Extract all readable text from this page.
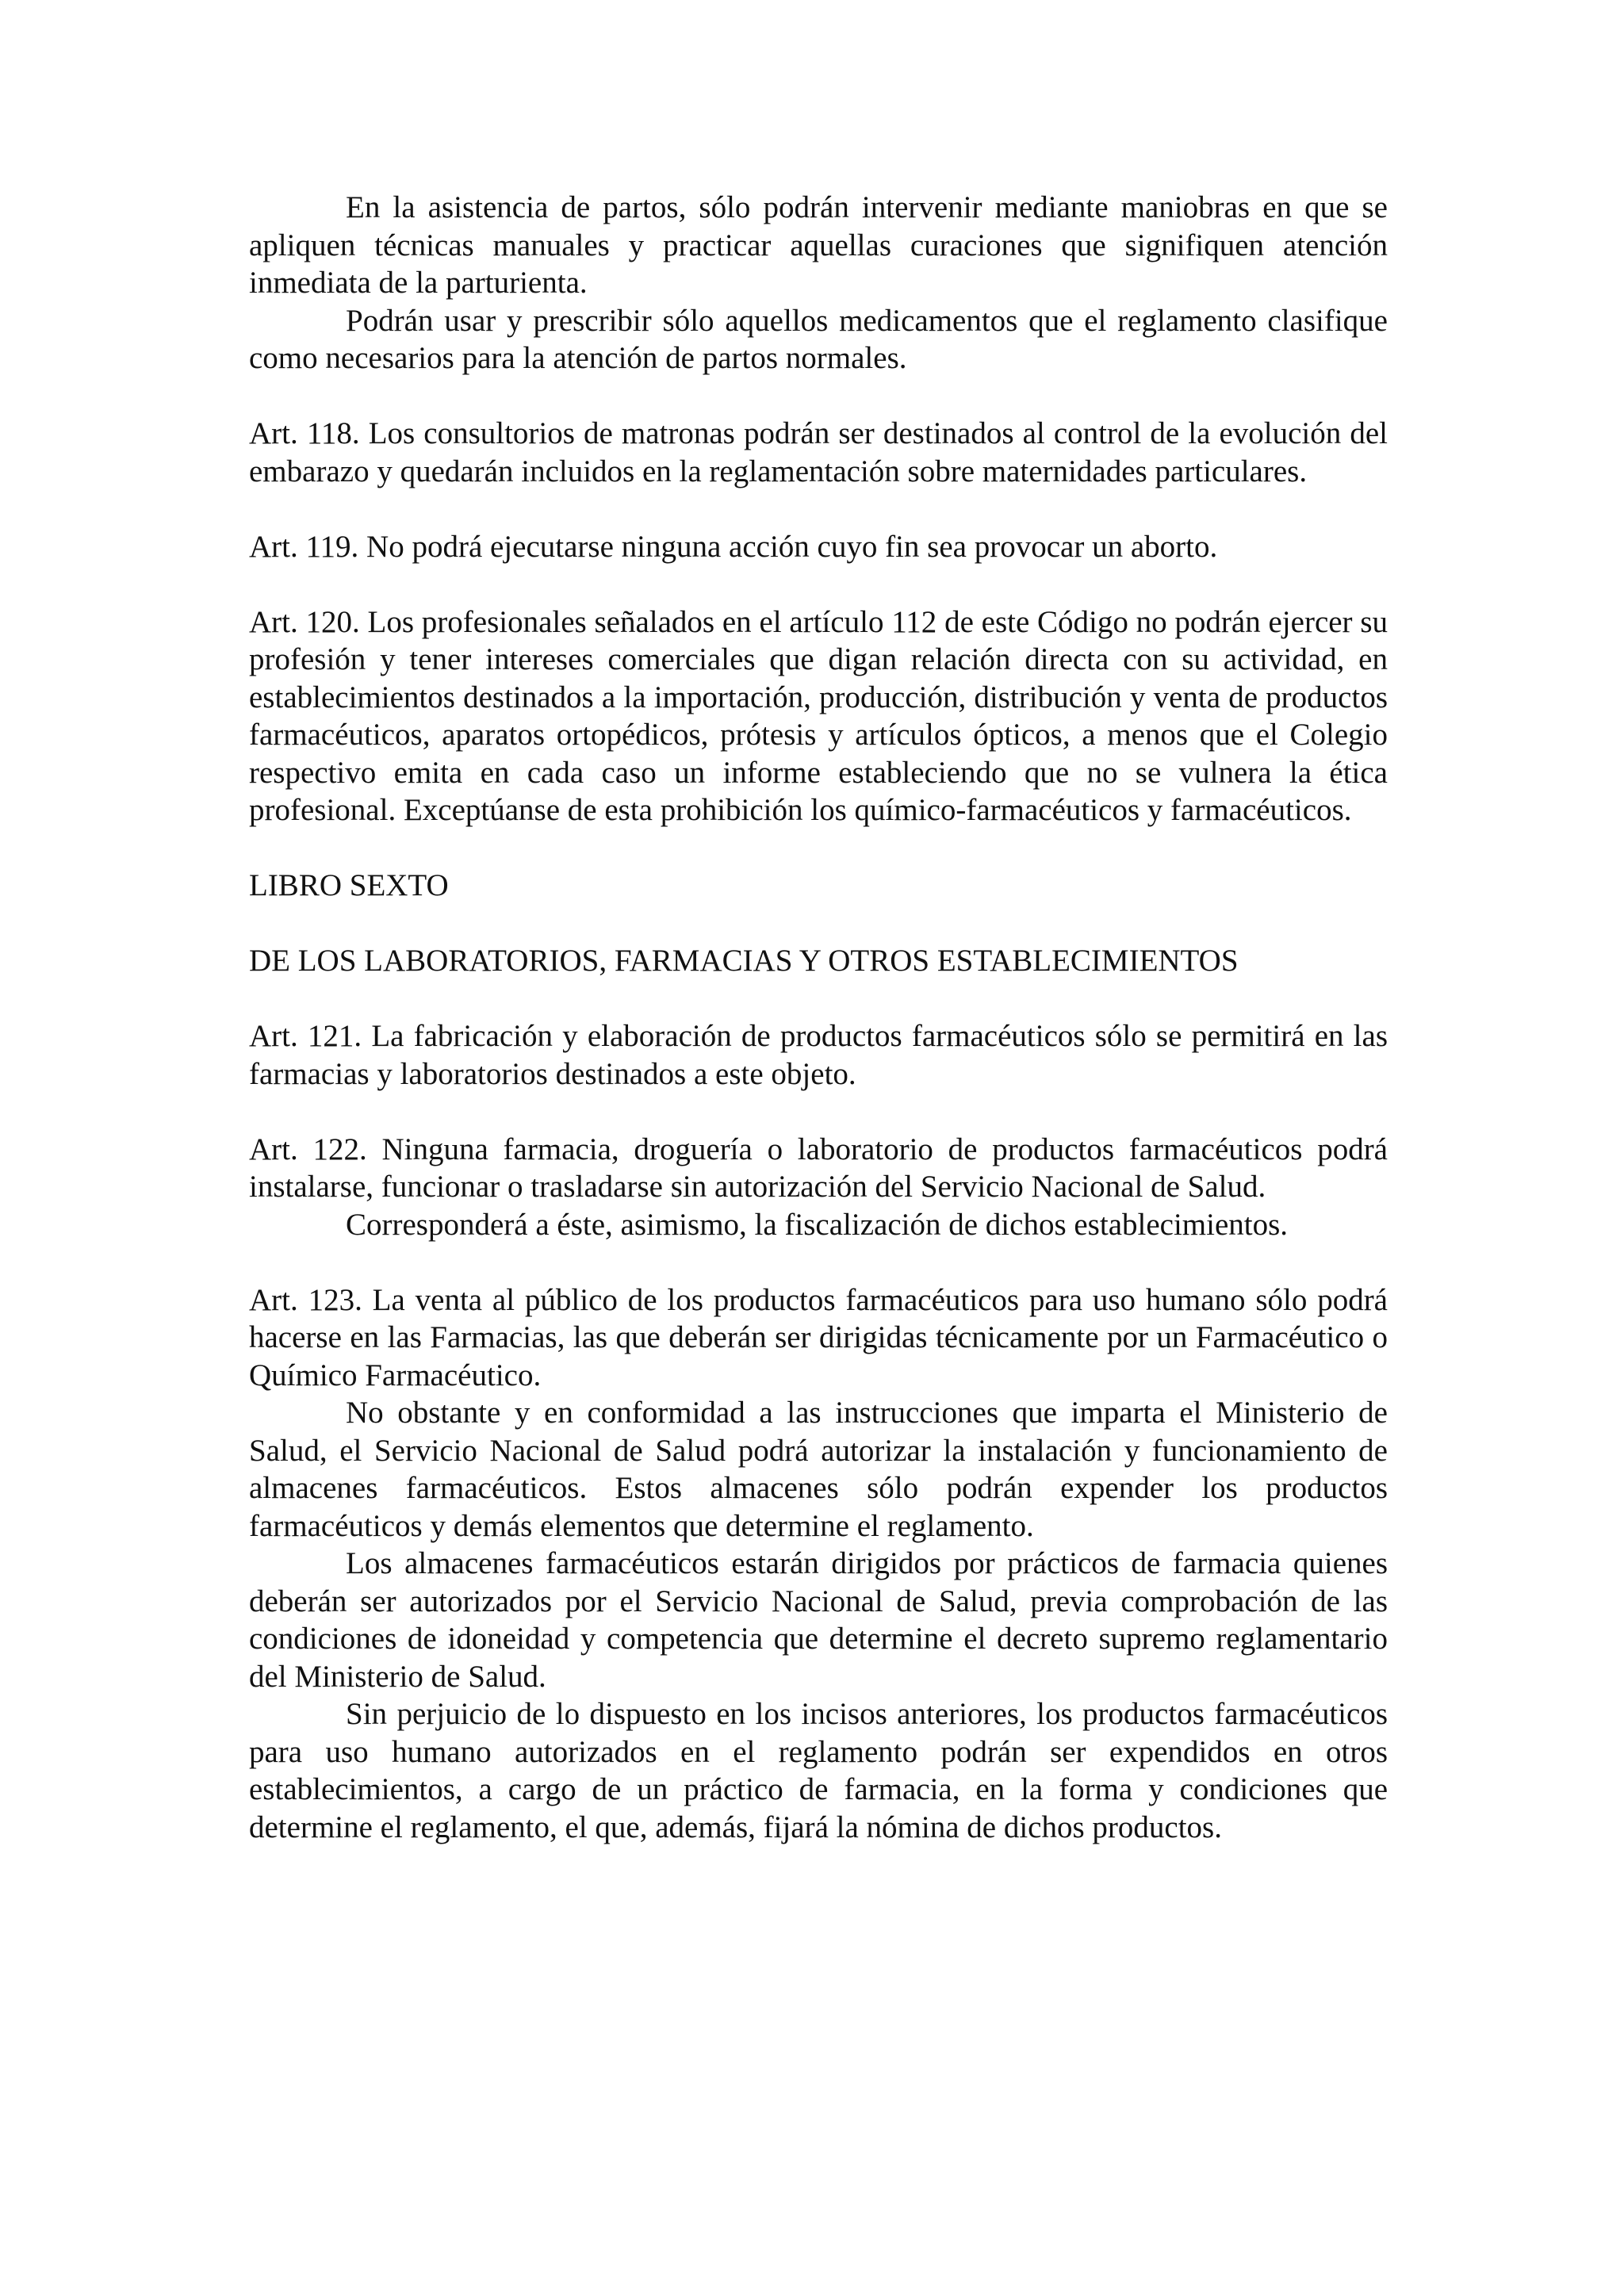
En la asistencia de partos, sólo podrán intervenir mediante maniobras en que se apliquen técnicas manuales y practicar aquellas curaciones que signifiquen atención inmediata de la parturienta.

Podrán usar y prescribir sólo aquellos medicamentos que el reglamento clasifique como necesarios para la atención de partos normales.

Art. 118. Los consultorios de matronas podrán ser destinados al control de la evolución del embarazo y quedarán incluidos en la reglamentación sobre maternidades particulares.

Art. 119. No podrá ejecutarse ninguna acción cuyo fin sea provocar un aborto.

Art. 120. Los profesionales señalados en el artículo 112 de este Código no podrán ejercer su profesión y tener intereses comerciales que digan relación directa con su actividad, en establecimientos destinados a la importación, producción, distribución y venta de productos farmacéuticos, aparatos ortopédicos, prótesis y artículos ópticos, a menos que el Colegio respectivo emita en cada caso un informe estableciendo que no se vulnera la ética profesional. Exceptúanse de esta prohibición los químico-farmacéuticos y farmacéuticos.

LIBRO SEXTO

DE LOS LABORATORIOS, FARMACIAS Y OTROS ESTABLECIMIENTOS

Art. 121. La fabricación y elaboración de productos farmacéuticos sólo se permitirá en las farmacias y laboratorios destinados a este objeto.

Art. 122. Ninguna farmacia, droguería o laboratorio de productos farmacéuticos podrá instalarse, funcionar o trasladarse sin autorización del Servicio Nacional de Salud.

Corresponderá a éste, asimismo, la fiscalización de dichos establecimientos.

Art. 123. La venta al público de los productos farmacéuticos para uso humano sólo podrá hacerse en las Farmacias, las que deberán ser dirigidas técnicamente por un Farmacéutico o Químico Farmacéutico.

No obstante y en conformidad a las instrucciones que imparta el Ministerio de Salud, el Servicio Nacional de Salud podrá autorizar la instalación y funcionamiento de almacenes farmacéuticos. Estos almacenes sólo podrán expender los productos farmacéuticos y demás elementos que determine el reglamento.

Los almacenes farmacéuticos estarán dirigidos por prácticos de farmacia quienes deberán ser autorizados por el Servicio Nacional de Salud, previa comprobación de las condiciones de idoneidad y competencia que determine el decreto supremo reglamentario del Ministerio de Salud.

Sin perjuicio de lo dispuesto en los incisos anteriores, los productos farmacéuticos para uso humano autorizados en el reglamento podrán ser expendidos en otros establecimientos, a cargo de un práctico de farmacia, en la forma y condiciones que determine el reglamento, el que, además, fijará la nómina de dichos productos.
